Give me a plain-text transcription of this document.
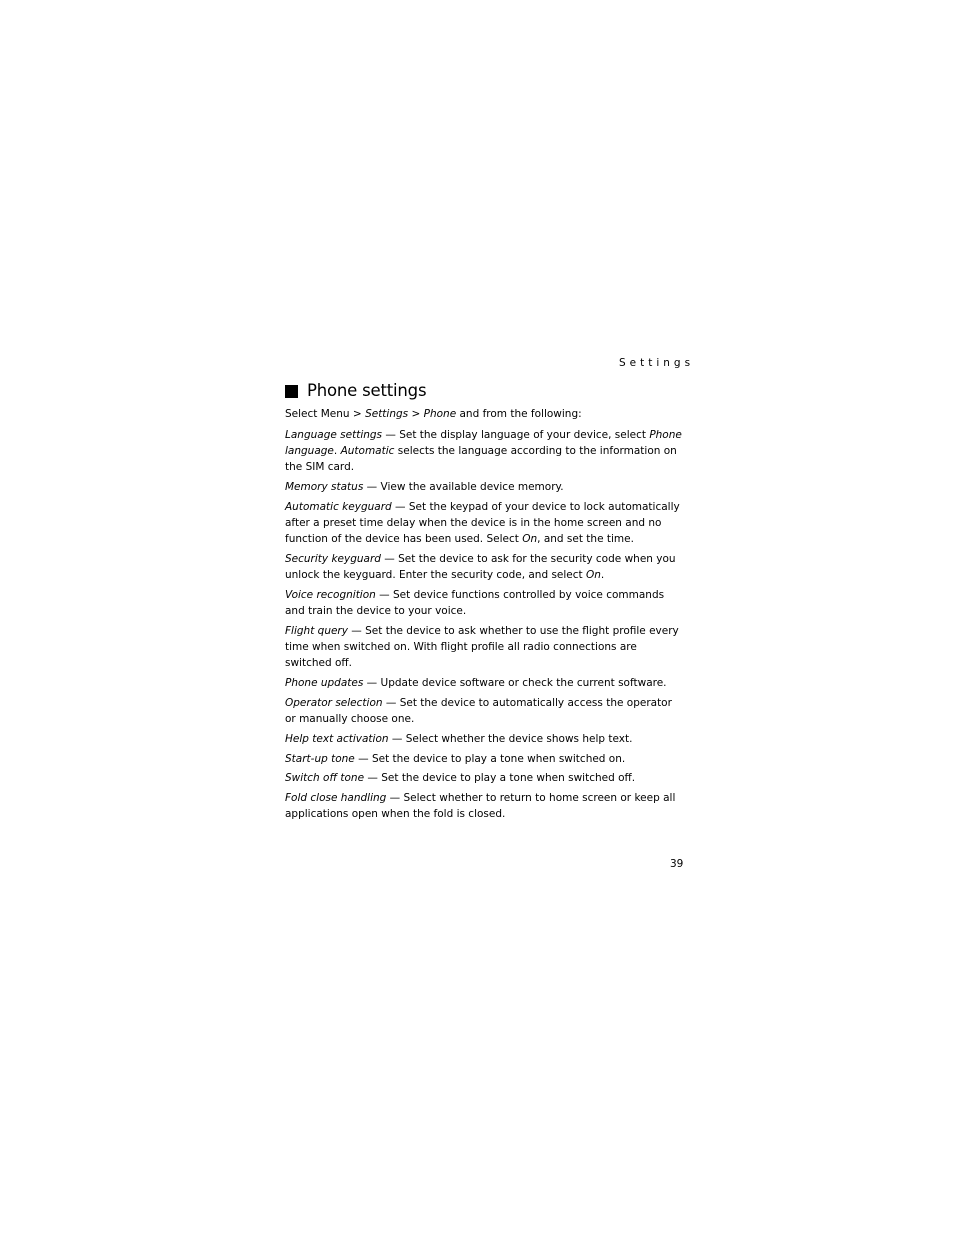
Settings
Phone settings
Select Menu > Settings > Phone and from the following:
Language settings — Set the display language of your device, select Phone language. Automatic selects the language according to the information on the SIM card.
Memory status — View the available device memory.
Automatic keyguard — Set the keypad of your device to lock automatically after a preset time delay when the device is in the home screen and no function of the device has been used. Select On, and set the time.
Security keyguard — Set the device to ask for the security code when you unlock the keyguard. Enter the security code, and select On.
Voice recognition — Set device functions controlled by voice commands and train the device to your voice.
Flight query — Set the device to ask whether to use the flight profile every time when switched on. With flight profile all radio connections are switched off.
Phone updates — Update device software or check the current software.
Operator selection — Set the device to automatically access the operator or manually choose one.
Help text activation — Select whether the device shows help text.
Start-up tone — Set the device to play a tone when switched on.
Switch off tone — Set the device to play a tone when switched off.
Fold close handling — Select whether to return to home screen or keep all applications open when the fold is closed.
39
